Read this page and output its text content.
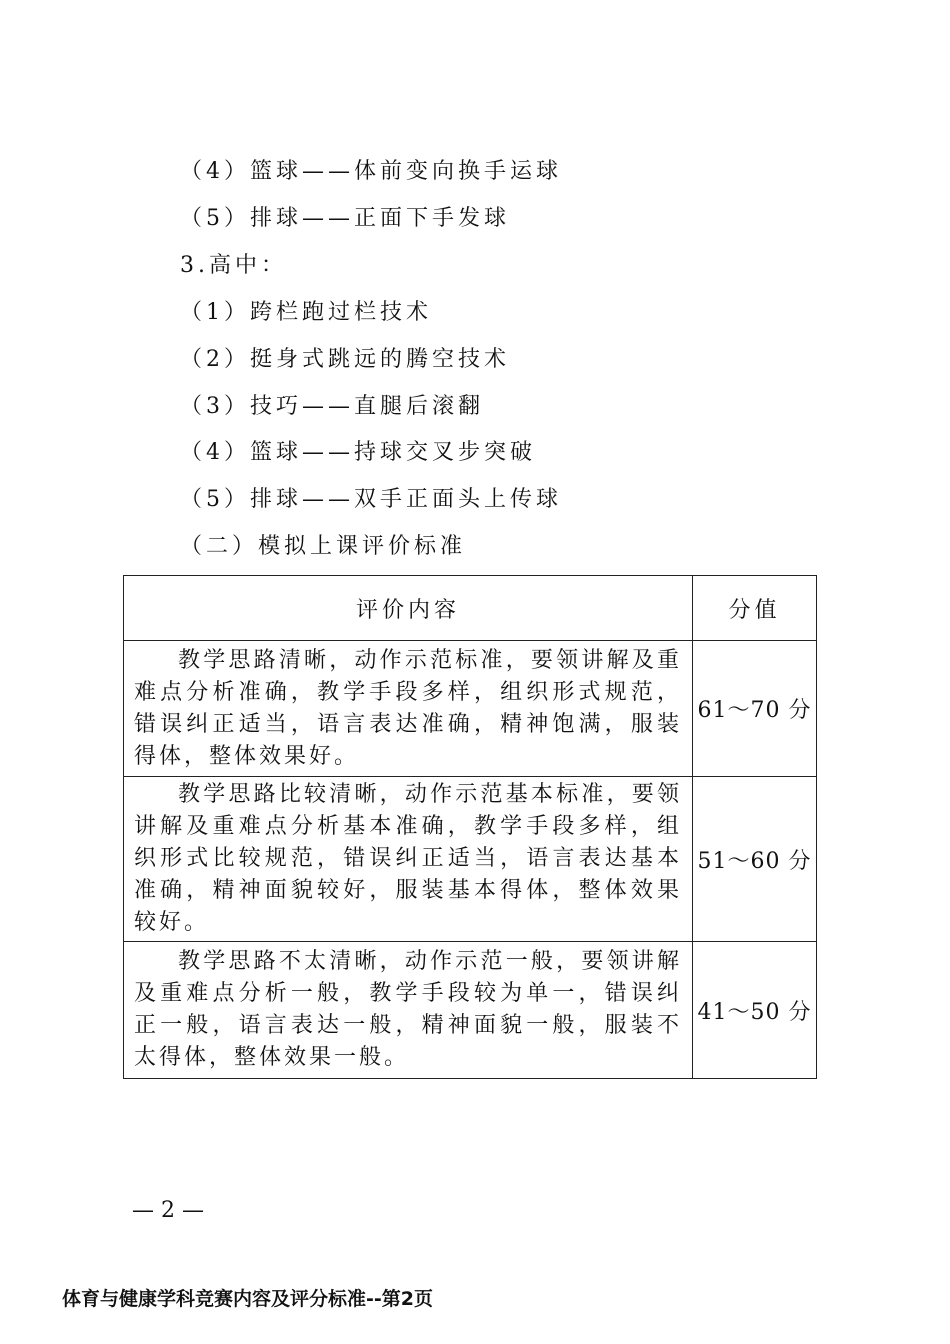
（4）篮球——体前变向换手运球
（5）排球——正面下手发球
3.高中：
（1）跨栏跑过栏技术
（2）挺身式跳远的腾空技术
（3）技巧——直腿后滚翻
（4）篮球——持球交叉步突破
（5）排球——双手正面头上传球
（二）模拟上课评价标准
评价内容	分值
教学思路清晰，动作示范标准，要领讲解及重难点分析准确，教学手段多样，组织形式规范，错误纠正适当，语言表达准确，精神饱满，服装得体，整体效果好。	61～70 分
教学思路比较清晰，动作示范基本标准，要领讲解及重难点分析基本准确，教学手段多样，组织形式比较规范，错误纠正适当，语言表达基本准确，精神面貌较好，服装基本得体，整体效果较好。	51～60 分
教学思路不太清晰，动作示范一般，要领讲解及重难点分析一般，教学手段较为单一，错误纠正一般，语言表达一般，精神面貌一般，服装不太得体，整体效果一般。	41～50 分
— 2 —
体育与健康学科竞赛内容及评分标准--第2页
